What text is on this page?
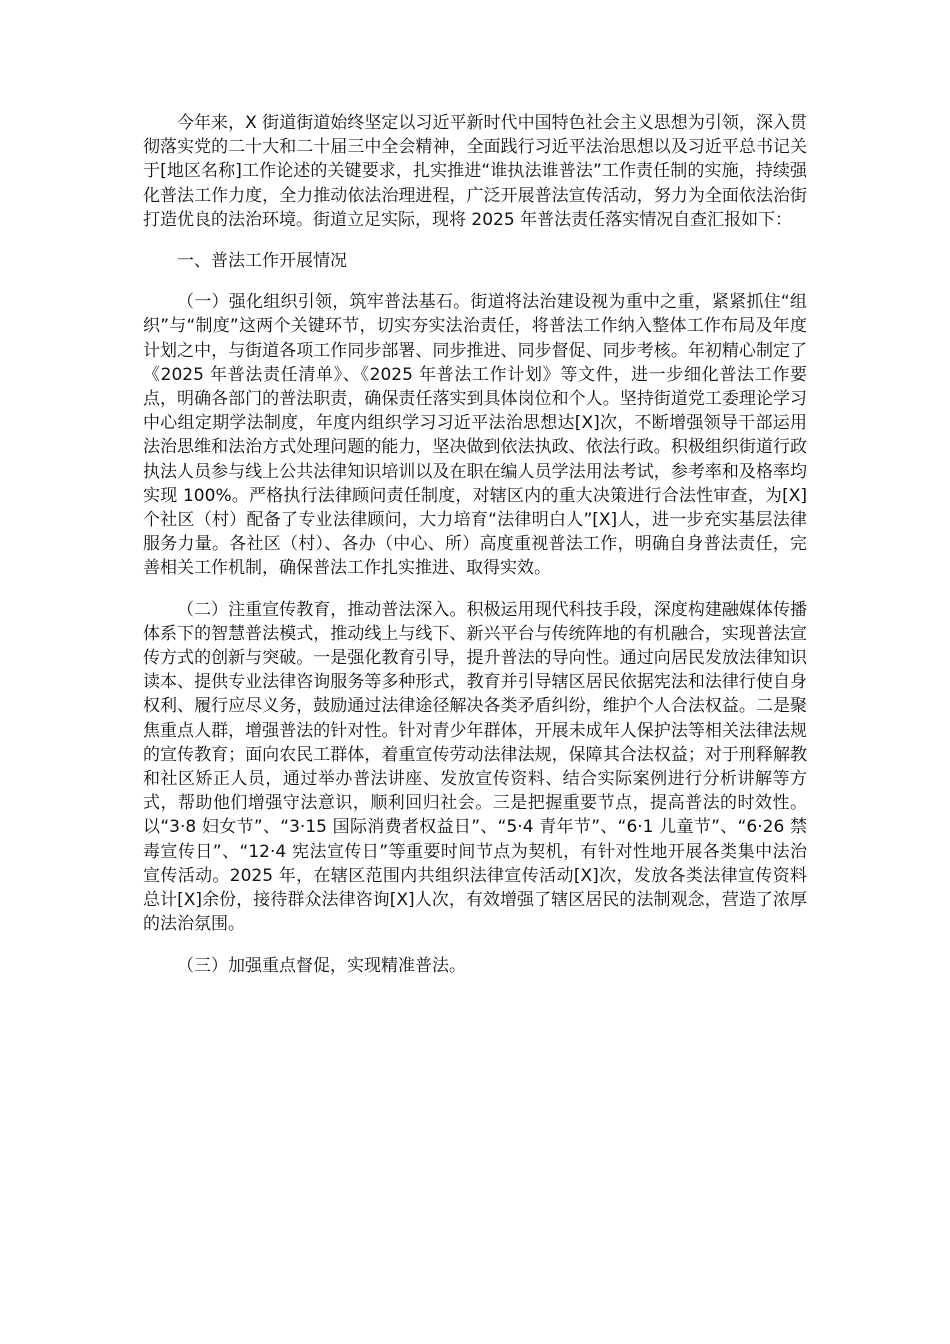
今年来，X 街道街道始终坚定以习近平新时代中国特色社会主义思想为引领，深入贯彻落实党的二十大和二十届三中全会精神，全面践行习近平法治思想以及习近平总书记关于[地区名称]工作论述的关键要求，扎实推进“谁执法谁普法”工作责任制的实施，持续强化普法工作力度，全力推动依法治理进程，广泛开展普法宣传活动，努力为全面依法治街打造优良的法治环境。街道立足实际，现将 2025 年普法责任落实情况自查汇报如下：

一、普法工作开展情况

（一）强化组织引领，筑牢普法基石。街道将法治建设视为重中之重，紧紧抓住“组织”与“制度”这两个关键环节，切实夯实法治责任，将普法工作纳入整体工作布局及年度计划之中，与街道各项工作同步部署、同步推进、同步督促、同步考核。年初精心制定了《2025 年普法责任清单》、《2025 年普法工作计划》等文件，进一步细化普法工作要点，明确各部门的普法职责，确保责任落实到具体岗位和个人。坚持街道党工委理论学习中心组定期学法制度，年度内组织学习习近平法治思想达[X]次，不断增强领导干部运用法治思维和法治方式处理问题的能力，坚决做到依法执政、依法行政。积极组织街道行政执法人员参与线上公共法律知识培训以及在职在编人员学法用法考试，参考率和及格率均实现 100%。严格执行法律顾问责任制度，对辖区内的重大决策进行合法性审查，为[X]个社区（村）配备了专业法律顾问，大力培育“法律明白人”[X]人，进一步充实基层法律服务力量。各社区（村）、各办（中心、所）高度重视普法工作，明确自身普法责任，完善相关工作机制，确保普法工作扎实推进、取得实效。

（二）注重宣传教育，推动普法深入。积极运用现代科技手段，深度构建融媒体传播体系下的智慧普法模式，推动线上与线下、新兴平台与传统阵地的有机融合，实现普法宣传方式的创新与突破。一是强化教育引导，提升普法的导向性。通过向居民发放法律知识读本、提供专业法律咨询服务等多种形式，教育并引导辖区居民依据宪法和法律行使自身权利、履行应尽义务，鼓励通过法律途径解决各类矛盾纠纷，维护个人合法权益。二是聚焦重点人群，增强普法的针对性。针对青少年群体，开展未成年人保护法等相关法律法规的宣传教育；面向农民工群体，着重宣传劳动法律法规，保障其合法权益；对于刑释解教和社区矫正人员，通过举办普法讲座、发放宣传资料、结合实际案例进行分析讲解等方式，帮助他们增强守法意识，顺利回归社会。三是把握重要节点，提高普法的时效性。以“3·8 妇女节”、“3·15 国际消费者权益日”、“5·4 青年节”、“6·1 儿童节”、“6·26 禁毒宣传日”、“12·4 宪法宣传日”等重要时间节点为契机，有针对性地开展各类集中法治宣传活动。2025 年，在辖区范围内共组织法律宣传活动[X]次，发放各类法律宣传资料总计[X]余份，接待群众法律咨询[X]人次，有效增强了辖区居民的法制观念，营造了浓厚的法治氛围。

（三）加强重点督促，实现精准普法。
